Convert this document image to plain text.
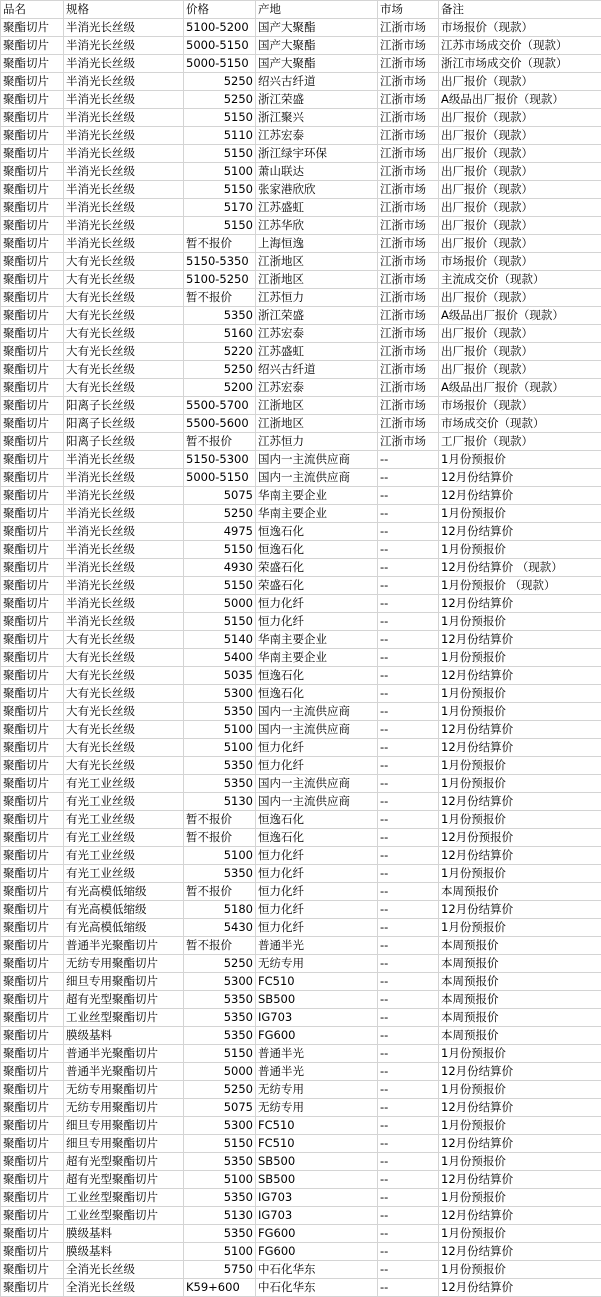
品名	规格	价格	产地	市场	备注
聚酯切片	半消光长丝级	5100-5200	国产大聚酯	江浙市场	市场报价（现款）
聚酯切片	半消光长丝级	5000-5150	国产大聚酯	江浙市场	江苏市场成交价（现款）
聚酯切片	半消光长丝级	5000-5150	国产大聚酯	江浙市场	浙江市场成交价（现款）
聚酯切片	半消光长丝级	5250	绍兴古纤道	江浙市场	出厂报价（现款）
聚酯切片	半消光长丝级	5250	浙江荣盛	江浙市场	A级品出厂报价（现款）
聚酯切片	半消光长丝级	5150	浙江聚兴	江浙市场	出厂报价（现款）
聚酯切片	半消光长丝级	5110	江苏宏泰	江浙市场	出厂报价（现款）
聚酯切片	半消光长丝级	5150	浙江绿宇环保	江浙市场	出厂报价（现款）
聚酯切片	半消光长丝级	5100	萧山联达	江浙市场	出厂报价（现款）
聚酯切片	半消光长丝级	5150	张家港欣欣	江浙市场	出厂报价（现款）
聚酯切片	半消光长丝级	5170	江苏盛虹	江浙市场	出厂报价（现款）
聚酯切片	半消光长丝级	5150	江苏华欣	江浙市场	出厂报价（现款）
聚酯切片	半消光长丝级	暂不报价	上海恒逸	江浙市场	出厂报价（现款）
聚酯切片	大有光长丝级	5150-5350	江浙地区	江浙市场	市场报价（现款）
聚酯切片	大有光长丝级	5100-5250	江浙地区	江浙市场	主流成交价（现款）
聚酯切片	大有光长丝级	暂不报价	江苏恒力	江浙市场	出厂报价（现款）
聚酯切片	大有光长丝级	5350	浙江荣盛	江浙市场	A级品出厂报价（现款）
聚酯切片	大有光长丝级	5160	江苏宏泰	江浙市场	出厂报价（现款）
聚酯切片	大有光长丝级	5220	江苏盛虹	江浙市场	出厂报价（现款）
聚酯切片	大有光长丝级	5250	绍兴古纤道	江浙市场	出厂报价（现款）
聚酯切片	大有光长丝级	5200	江苏宏泰	江浙市场	A级品出厂报价（现款）
聚酯切片	阳离子长丝级	5500-5700	江浙地区	江浙市场	市场报价（现款）
聚酯切片	阳离子长丝级	5500-5600	江浙地区	江浙市场	市场成交价（现款）
聚酯切片	阳离子长丝级	暂不报价	江苏恒力	江浙市场	工厂报价（现款）
聚酯切片	半消光长丝级	5150-5300	国内一主流供应商	--	1月份预报价
聚酯切片	半消光长丝级	5000-5150	国内一主流供应商	--	12月份结算价
聚酯切片	半消光长丝级	5075	华南主要企业	--	12月份结算价
聚酯切片	半消光长丝级	5250	华南主要企业	--	1月份预报价
聚酯切片	半消光长丝级	4975	恒逸石化	--	12月份结算价
聚酯切片	半消光长丝级	5150	恒逸石化	--	1月份预报价
聚酯切片	半消光长丝级	4930	荣盛石化	--	12月份结算价 （现款）
聚酯切片	半消光长丝级	5150	荣盛石化	--	1月份预报价 （现款）
聚酯切片	半消光长丝级	5000	恒力化纤	--	12月份结算价
聚酯切片	半消光长丝级	5150	恒力化纤	--	1月份预报价
聚酯切片	大有光长丝级	5140	华南主要企业	--	12月份结算价
聚酯切片	大有光长丝级	5400	华南主要企业	--	1月份预报价
聚酯切片	大有光长丝级	5035	恒逸石化	--	12月份结算价
聚酯切片	大有光长丝级	5300	恒逸石化	--	1月份预报价
聚酯切片	大有光长丝级	5350	国内一主流供应商	--	1月份预报价
聚酯切片	大有光长丝级	5100	国内一主流供应商	--	12月份结算价
聚酯切片	大有光长丝级	5100	恒力化纤	--	12月份结算价
聚酯切片	大有光长丝级	5350	恒力化纤	--	1月份预报价
聚酯切片	有光工业丝级	5350	国内一主流供应商	--	1月份预报价
聚酯切片	有光工业丝级	5130	国内一主流供应商	--	12月份结算价
聚酯切片	有光工业丝级	暂不报价	恒逸石化	--	1月份预报价
聚酯切片	有光工业丝级	暂不报价	恒逸石化	--	12月份预报价
聚酯切片	有光工业丝级	5100	恒力化纤	--	12月份结算价
聚酯切片	有光工业丝级	5350	恒力化纤	--	1月份预报价
聚酯切片	有光高模低缩级	暂不报价	恒力化纤	--	本周预报价
聚酯切片	有光高模低缩级	5180	恒力化纤	--	12月份结算价
聚酯切片	有光高模低缩级	5430	恒力化纤	--	1月份预报价
聚酯切片	普通半光聚酯切片	暂不报价	普通半光	--	本周预报价
聚酯切片	无纺专用聚酯切片	5250	无纺专用	--	本周预报价
聚酯切片	细旦专用聚酯切片	5300	FC510	--	本周预报价
聚酯切片	超有光型聚酯切片	5350	SB500	--	本周预报价
聚酯切片	工业丝型聚酯切片	5350	IG703	--	本周预报价
聚酯切片	膜级基料	5350	FG600	--	本周预报价
聚酯切片	普通半光聚酯切片	5150	普通半光	--	1月份预报价
聚酯切片	普通半光聚酯切片	5000	普通半光	--	12月份结算价
聚酯切片	无纺专用聚酯切片	5250	无纺专用	--	1月份预报价
聚酯切片	无纺专用聚酯切片	5075	无纺专用	--	12月份结算价
聚酯切片	细旦专用聚酯切片	5300	FC510	--	1月份预报价
聚酯切片	细旦专用聚酯切片	5150	FC510	--	12月份结算价
聚酯切片	超有光型聚酯切片	5350	SB500	--	1月份预报价
聚酯切片	超有光型聚酯切片	5100	SB500	--	12月份结算价
聚酯切片	工业丝型聚酯切片	5350	IG703	--	1月份预报价
聚酯切片	工业丝型聚酯切片	5130	IG703	--	12月份结算价
聚酯切片	膜级基料	5350	FG600	--	1月份预报价
聚酯切片	膜级基料	5100	FG600	--	12月份结算价
聚酯切片	全消光长丝级	5750	中石化华东	--	1月份预报价
聚酯切片	全消光长丝级	K59+600	中石化华东	--	12月份结算价
